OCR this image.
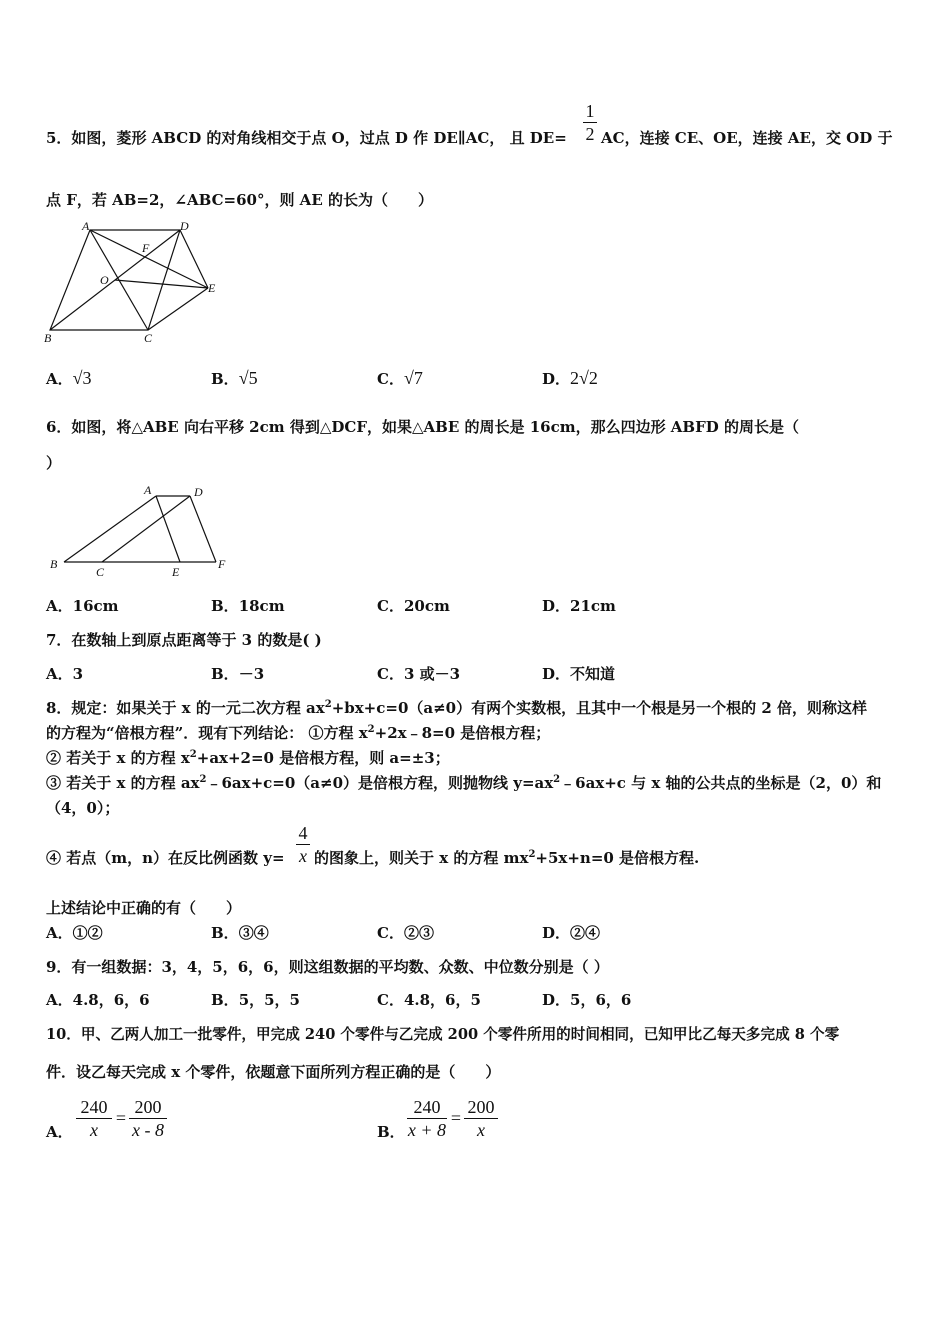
5．如图，菱形 ABCD 的对角线相交于点 O，过点 D 作 DE∥AC， 且 DE=
1
2 AC，连接 CE、OE，连接 AE，交 OD 于
点 F，若 AB=2，∠ABC=60°，则 AE 的长为（　　）
A	D
F
O
E
B	C
A．√3	B．√5	C．√7	D．2√2
6．如图，将△ABE 向右平移 2cm 得到△DCF，如果△ABE 的周长是 16cm，那么四边形 ABFD 的周长是（
）
A	D
B
C	E
F
A．16cm	B．18cm	C．20cm	D．21cm
7．在数轴上到原点距离等于 3 的数是( )
A．3	B．－3	C．3 或－3	D．不知道
8．规定：如果关于 x 的一元二次方程 $ax^2+bx+c=0(a\ne 0)$有两个实数根，且其中一个根是另一个根的 2 倍，则称这样
的方程为“倍根方程”．现有下列结论： ①方程 $x^2+2x﹣8=0$ 是倍根方程；
② 若关于 x 的方程 $x^2+ax+2=0$ 是倍根方程，则 a=±3；
③ 若关于 x 的方程 $ax^2﹣6ax+c=0(a\ne 0)$是倍根方程，则抛物线 $y=ax^2﹣6ax+c$ 与 x 轴的公共点的坐标是（2，0）和
（4，0）；
④ 若点（m，n）在反比例函数 y=
4
x 的图象上，则关于 x 的方程 $mx^2+5x+n=0$ 是倍根方程.
上述结论中正确的有（　　）
A．①②	B．③④	C．②③	D．②④
9．有一组数据：3，4，5，6，6，则这组数据的平均数、众数、中位数分别是（ ）
A．4.8，6，6	B．5，5，5	C．4.8，6，5	D．5，6，6
10．甲、乙两人加工一批零件，甲完成 240 个零件与乙完成 200 个零件所用的时间相同，已知甲比乙每天多完成 8 个零
件．设乙每天完成 x 个零件，依题意下面所列方程正确的是（　　）
A．
240
x
=
200
x - 8	B．
240
x + 8
=
200
x
